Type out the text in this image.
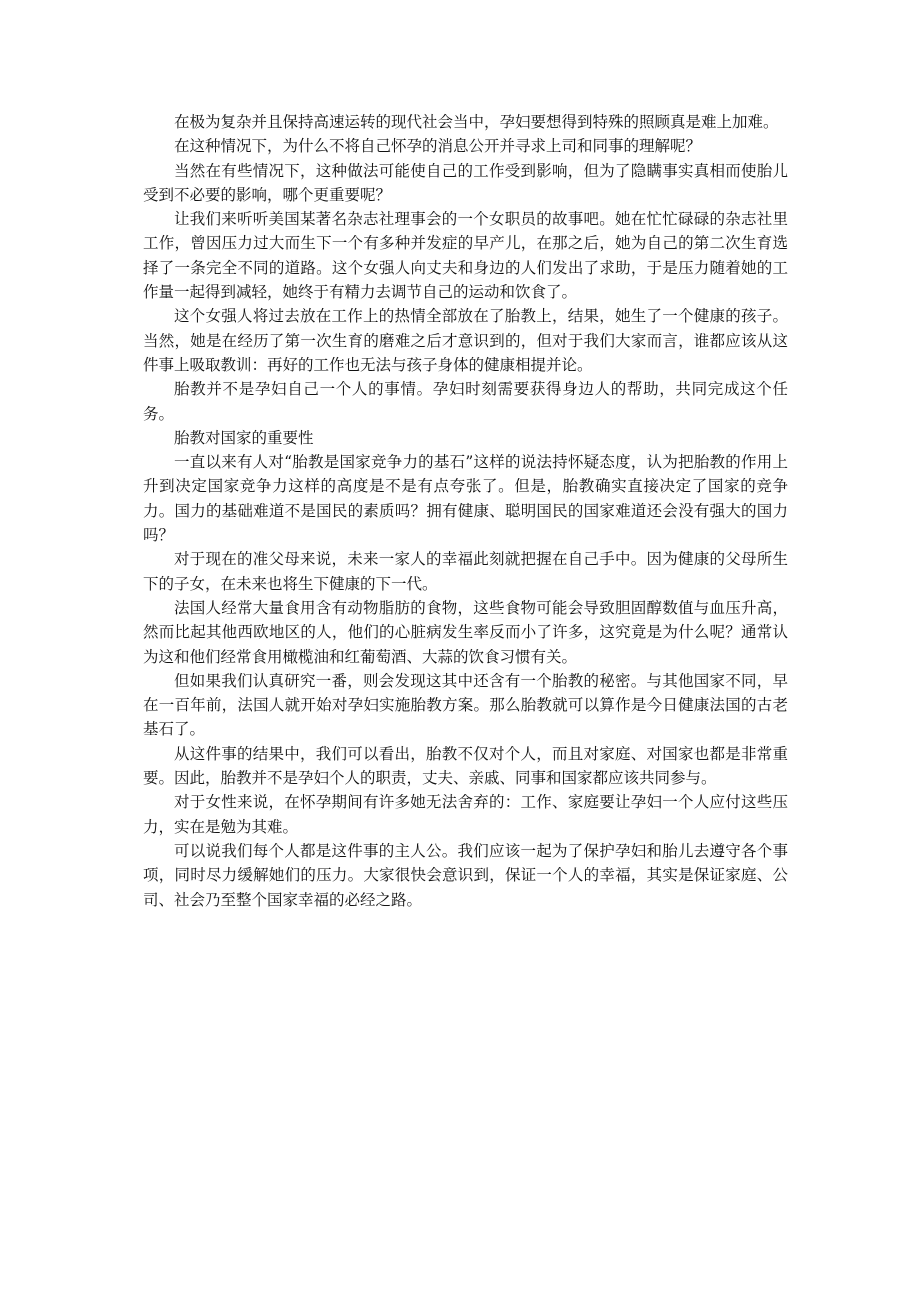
在极为复杂并且保持高速运转的现代社会当中，孕妇要想得到特殊的照顾真是难上加难。

在这种情况下，为什么不将自己怀孕的消息公开并寻求上司和同事的理解呢？

当然在有些情况下，这种做法可能使自己的工作受到影响，但为了隐瞒事实真相而使胎儿受到不必要的影响，哪个更重要呢？

让我们来听听美国某著名杂志社理事会的一个女职员的故事吧。她在忙忙碌碌的杂志社里工作，曾因压力过大而生下一个有多种并发症的早产儿，在那之后，她为自己的第二次生育选择了一条完全不同的道路。这个女强人向丈夫和身边的人们发出了求助，于是压力随着她的工作量一起得到减轻，她终于有精力去调节自己的运动和饮食了。

这个女强人将过去放在工作上的热情全部放在了胎教上，结果，她生了一个健康的孩子。当然，她是在经历了第一次生育的磨难之后才意识到的，但对于我们大家而言，谁都应该从这件事上吸取教训：再好的工作也无法与孩子身体的健康相提并论。

胎教并不是孕妇自己一个人的事情。孕妇时刻需要获得身边人的帮助，共同完成这个任务。

胎教对国家的重要性

一直以来有人对“胎教是国家竞争力的基石”这样的说法持怀疑态度，认为把胎教的作用上升到决定国家竞争力这样的高度是不是有点夸张了。但是，胎教确实直接决定了国家的竞争力。国力的基础难道不是国民的素质吗？拥有健康、聪明国民的国家难道还会没有强大的国力吗？

对于现在的准父母来说，未来一家人的幸福此刻就把握在自己手中。因为健康的父母所生下的子女，在未来也将生下健康的下一代。

法国人经常大量食用含有动物脂肪的食物，这些食物可能会导致胆固醇数值与血压升高，然而比起其他西欧地区的人，他们的心脏病发生率反而小了许多，这究竟是为什么呢？通常认为这和他们经常食用橄榄油和红葡萄酒、大蒜的饮食习惯有关。

但如果我们认真研究一番，则会发现这其中还含有一个胎教的秘密。与其他国家不同，早在一百年前，法国人就开始对孕妇实施胎教方案。那么胎教就可以算作是今日健康法国的古老基石了。

从这件事的结果中，我们可以看出，胎教不仅对个人，而且对家庭、对国家也都是非常重要。因此，胎教并不是孕妇个人的职责，丈夫、亲戚、同事和国家都应该共同参与。

对于女性来说，在怀孕期间有许多她无法舍弃的：工作、家庭要让孕妇一个人应付这些压力，实在是勉为其难。

可以说我们每个人都是这件事的主人公。我们应该一起为了保护孕妇和胎儿去遵守各个事项，同时尽力缓解她们的压力。大家很快会意识到，保证一个人的幸福，其实是保证家庭、公司、社会乃至整个国家幸福的必经之路。
